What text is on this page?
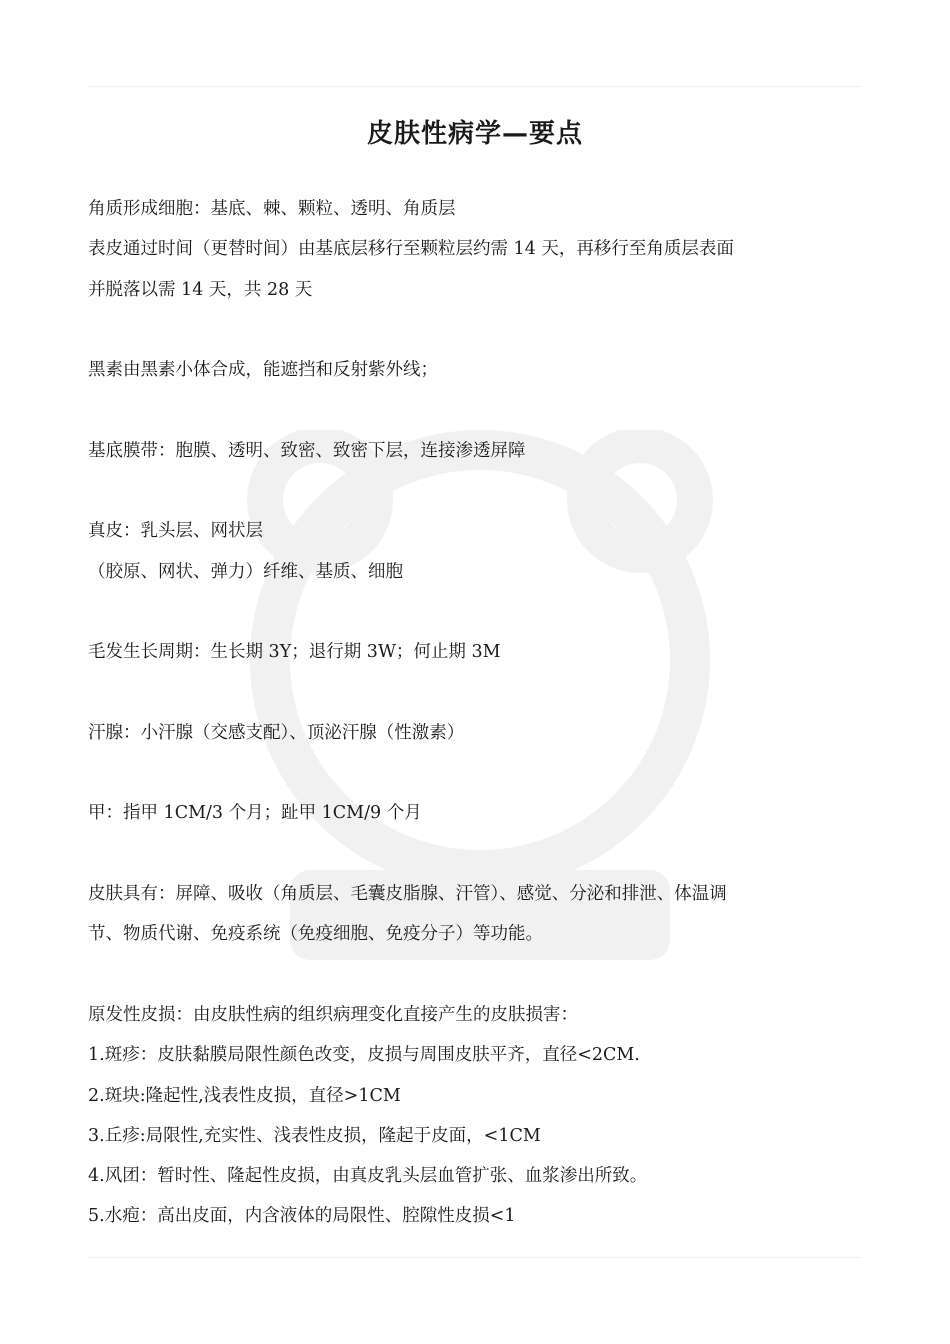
皮肤性病学—要点
角质形成细胞：基底、棘、颗粒、透明、角质层
表皮通过时间（更替时间）由基底层移行至颗粒层约需 14 天，再移行至角质层表面
并脱落以需 14 天，共 28 天
黑素由黑素小体合成，能遮挡和反射紫外线；
基底膜带：胞膜、透明、致密、致密下层，连接渗透屏障
真皮：乳头层、网状层
（胶原、网状、弹力）纤维、基质、细胞
毛发生长周期：生长期 3Y；退行期 3W；何止期 3M
汗腺：小汗腺（交感支配）、顶泌汗腺（性激素）
甲：指甲 1CM/3 个月；趾甲 1CM/9 个月
皮肤具有：屏障、吸收（角质层、毛囊皮脂腺、汗管）、感觉、分泌和排泄、体温调
节、物质代谢、免疫系统（免疫细胞、免疫分子）等功能。
原发性皮损：由皮肤性病的组织病理变化直接产生的皮肤损害：
1.斑疹：皮肤黏膜局限性颜色改变，皮损与周围皮肤平齐，直径<2CM.
2.斑块:隆起性,浅表性皮损，直径>1CM
3.丘疹:局限性,充实性、浅表性皮损，隆起于皮面，<1CM
4.风团：暂时性、隆起性皮损，由真皮乳头层血管扩张、血浆渗出所致。
5.水疱：高出皮面，内含液体的局限性、腔隙性皮损<1
